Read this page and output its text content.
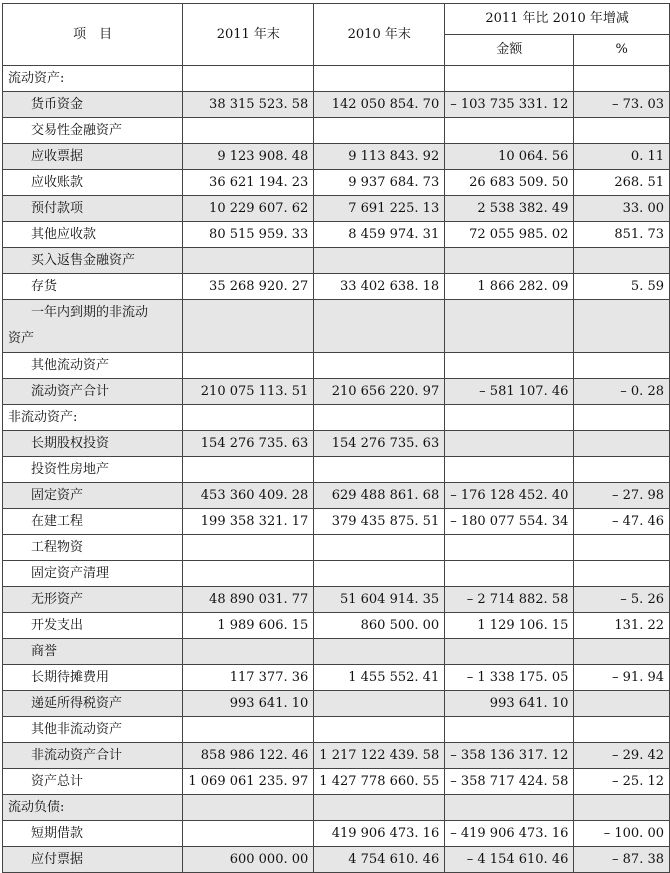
项　目	2011 年末	2010 年末	2011 年比 2010 年增减	
			金额	%
流动资产:				
货币资金	38 315 523. 58	142 050 854. 70	– 103 735 331. 12	– 73. 03
交易性金融资产				
应收票据	9 123 908. 48	9 113 843. 92	10 064. 56	0. 11
应收账款	36 621 194. 23	9 937 684. 73	26 683 509. 50	268. 51
预付款项	10 229 607. 62	7 691 225. 13	2 538 382. 49	33. 00
其他应收款	80 515 959. 33	8 459 974. 31	72 055 985. 02	851. 73
买入返售金融资产				
存货	35 268 920. 27	33 402 638. 18	1 866 282. 09	5. 59
一年内到期的非流动
资产				
其他流动资产				
流动资产合计	210 075 113. 51	210 656 220. 97	– 581 107. 46	– 0. 28
非流动资产:				
长期股权投资	154 276 735. 63	154 276 735. 63		
投资性房地产				
固定资产	453 360 409. 28	629 488 861. 68	– 176 128 452. 40	– 27. 98
在建工程	199 358 321. 17	379 435 875. 51	– 180 077 554. 34	– 47. 46
工程物资				
固定资产清理				
无形资产	48 890 031. 77	51 604 914. 35	– 2 714 882. 58	– 5. 26
开发支出	1 989 606. 15	860 500. 00	1 129 106. 15	131. 22
商誉				
长期待摊费用	117 377. 36	1 455 552. 41	– 1 338 175. 05	– 91. 94
递延所得税资产	993 641. 10		993 641. 10	
其他非流动资产				
非流动资产合计	858 986 122. 46	1 217 122 439. 58	– 358 136 317. 12	– 29. 42
资产总计	1 069 061 235. 97	1 427 778 660. 55	– 358 717 424. 58	– 25. 12
流动负债:				
短期借款		419 906 473. 16	– 419 906 473. 16	– 100. 00
应付票据	600 000. 00	4 754 610. 46	– 4 154 610. 46	– 87. 38
